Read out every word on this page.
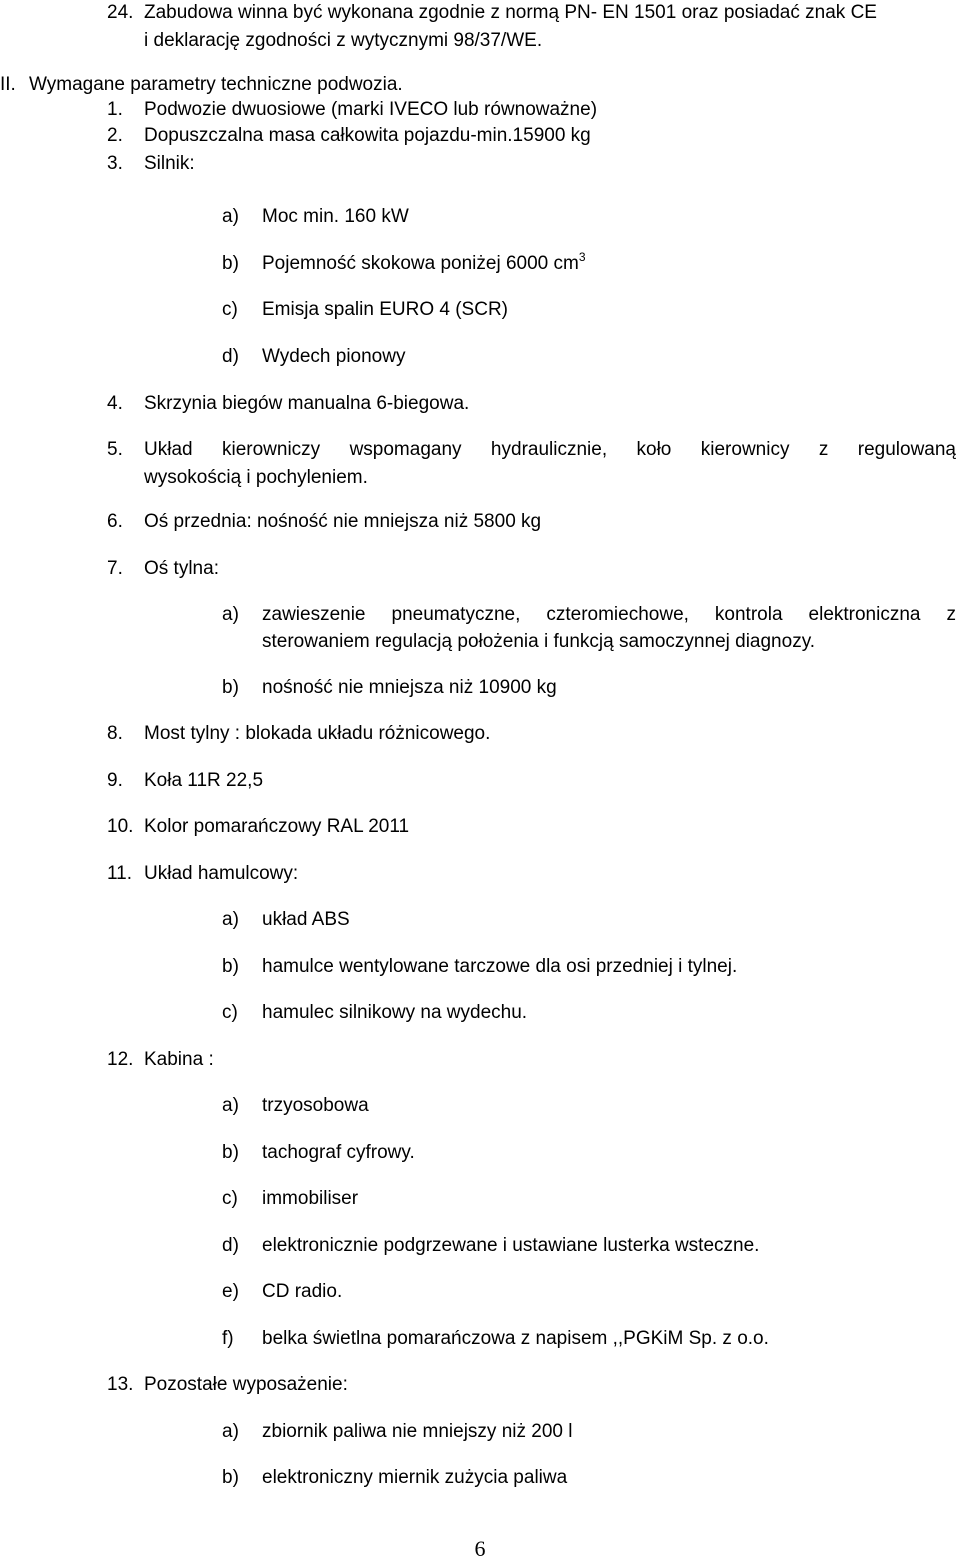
24. Zabudowa winna być wykonana zgodnie z normą PN- EN 1501 oraz posiadać znak CE
i deklarację zgodności z wytycznymi 98/37/WE.
II. Wymagane parametry techniczne podwozia.
1. Podwozie dwuosiowe (marki IVECO lub równoważne)
2. Dopuszczalna masa całkowita pojazdu-min.15900 kg
3. Silnik:
a) Moc min. 160 kW
b) Pojemność skokowa poniżej 6000 $cm^3$
c) Emisja spalin EURO 4 (SCR)
d) Wydech pionowy
4. Skrzynia biegów manualna 6-biegowa.
5. Układ kierowniczy wspomagany hydraulicznie, koło kierownicy z regulowaną
wysokością i pochyleniem.
6. Oś przednia: nośność nie mniejsza niż 5800 kg
7. Oś tylna:
a) zawieszenie pneumatyczne, czteromiechowe, kontrola elektroniczna z
sterowaniem regulacją położenia i funkcją samoczynnej diagnozy.
b) nośność nie mniejsza niż 10900 kg
8. Most tylny : blokada układu różnicowego.
9. Koła 11R 22,5
10. Kolor pomarańczowy RAL 2011
11. Układ hamulcowy:
a) układ ABS
b) hamulce wentylowane tarczowe dla osi przedniej i tylnej.
c) hamulec silnikowy na wydechu.
12. Kabina :
a) trzyosobowa
b) tachograf cyfrowy.
c) immobiliser
d) elektronicznie podgrzewane i ustawiane lusterka wsteczne.
e) CD radio.
f) belka świetlna pomarańczowa z napisem ,,PGKiM Sp. z o.o.
13. Pozostałe wyposażenie:
a) zbiornik paliwa nie mniejszy niż 200 l
b) elektroniczny miernik zużycia paliwa
6
